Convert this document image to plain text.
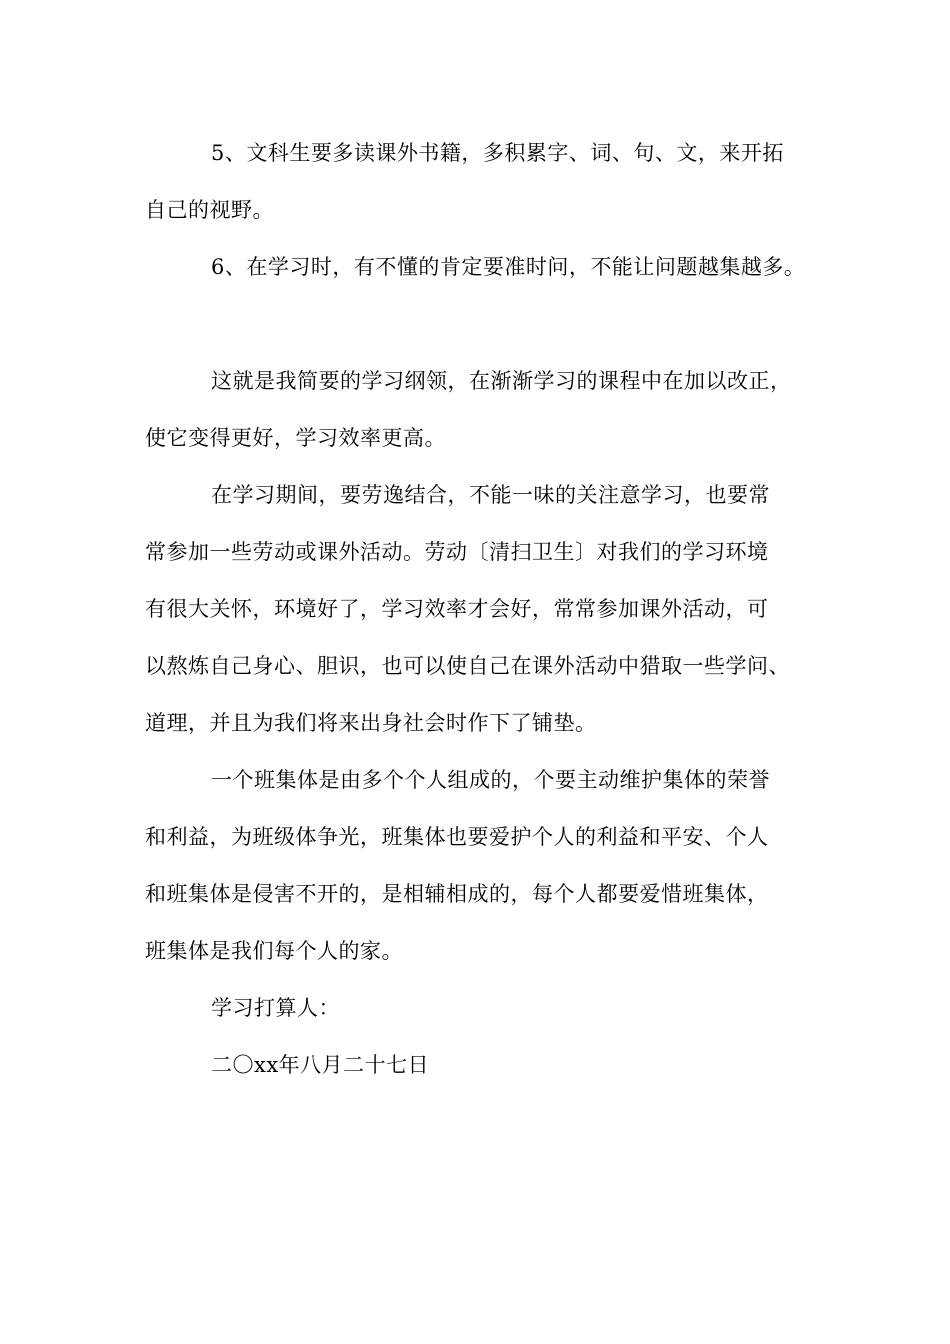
5、文科生要多读课外书籍，多积累字、词、句、文，来开拓
自己的视野。
6、在学习时，有不懂的肯定要准时问，不能让问题越集越多。
这就是我简要的学习纲领，在渐渐学习的课程中在加以改正，
使它变得更好，学习效率更高。
在学习期间，要劳逸结合，不能一味的关注意学习，也要常
常参加一些劳动或课外活动。劳动〔清扫卫生〕对我们的学习环境
有很大关怀，环境好了，学习效率才会好，常常参加课外活动，可
以熬炼自己身心、胆识，也可以使自己在课外活动中猎取一些学问、
道理，并且为我们将来出身社会时作下了铺垫。
一个班集体是由多个个人组成的，个要主动维护集体的荣誉
和利益，为班级体争光，班集体也要爱护个人的利益和平安、个人
和班集体是侵害不开的，是相辅相成的，每个人都要爱惜班集体，
班集体是我们每个人的家。
学习打算人：
二〇xx年八月二十七日
